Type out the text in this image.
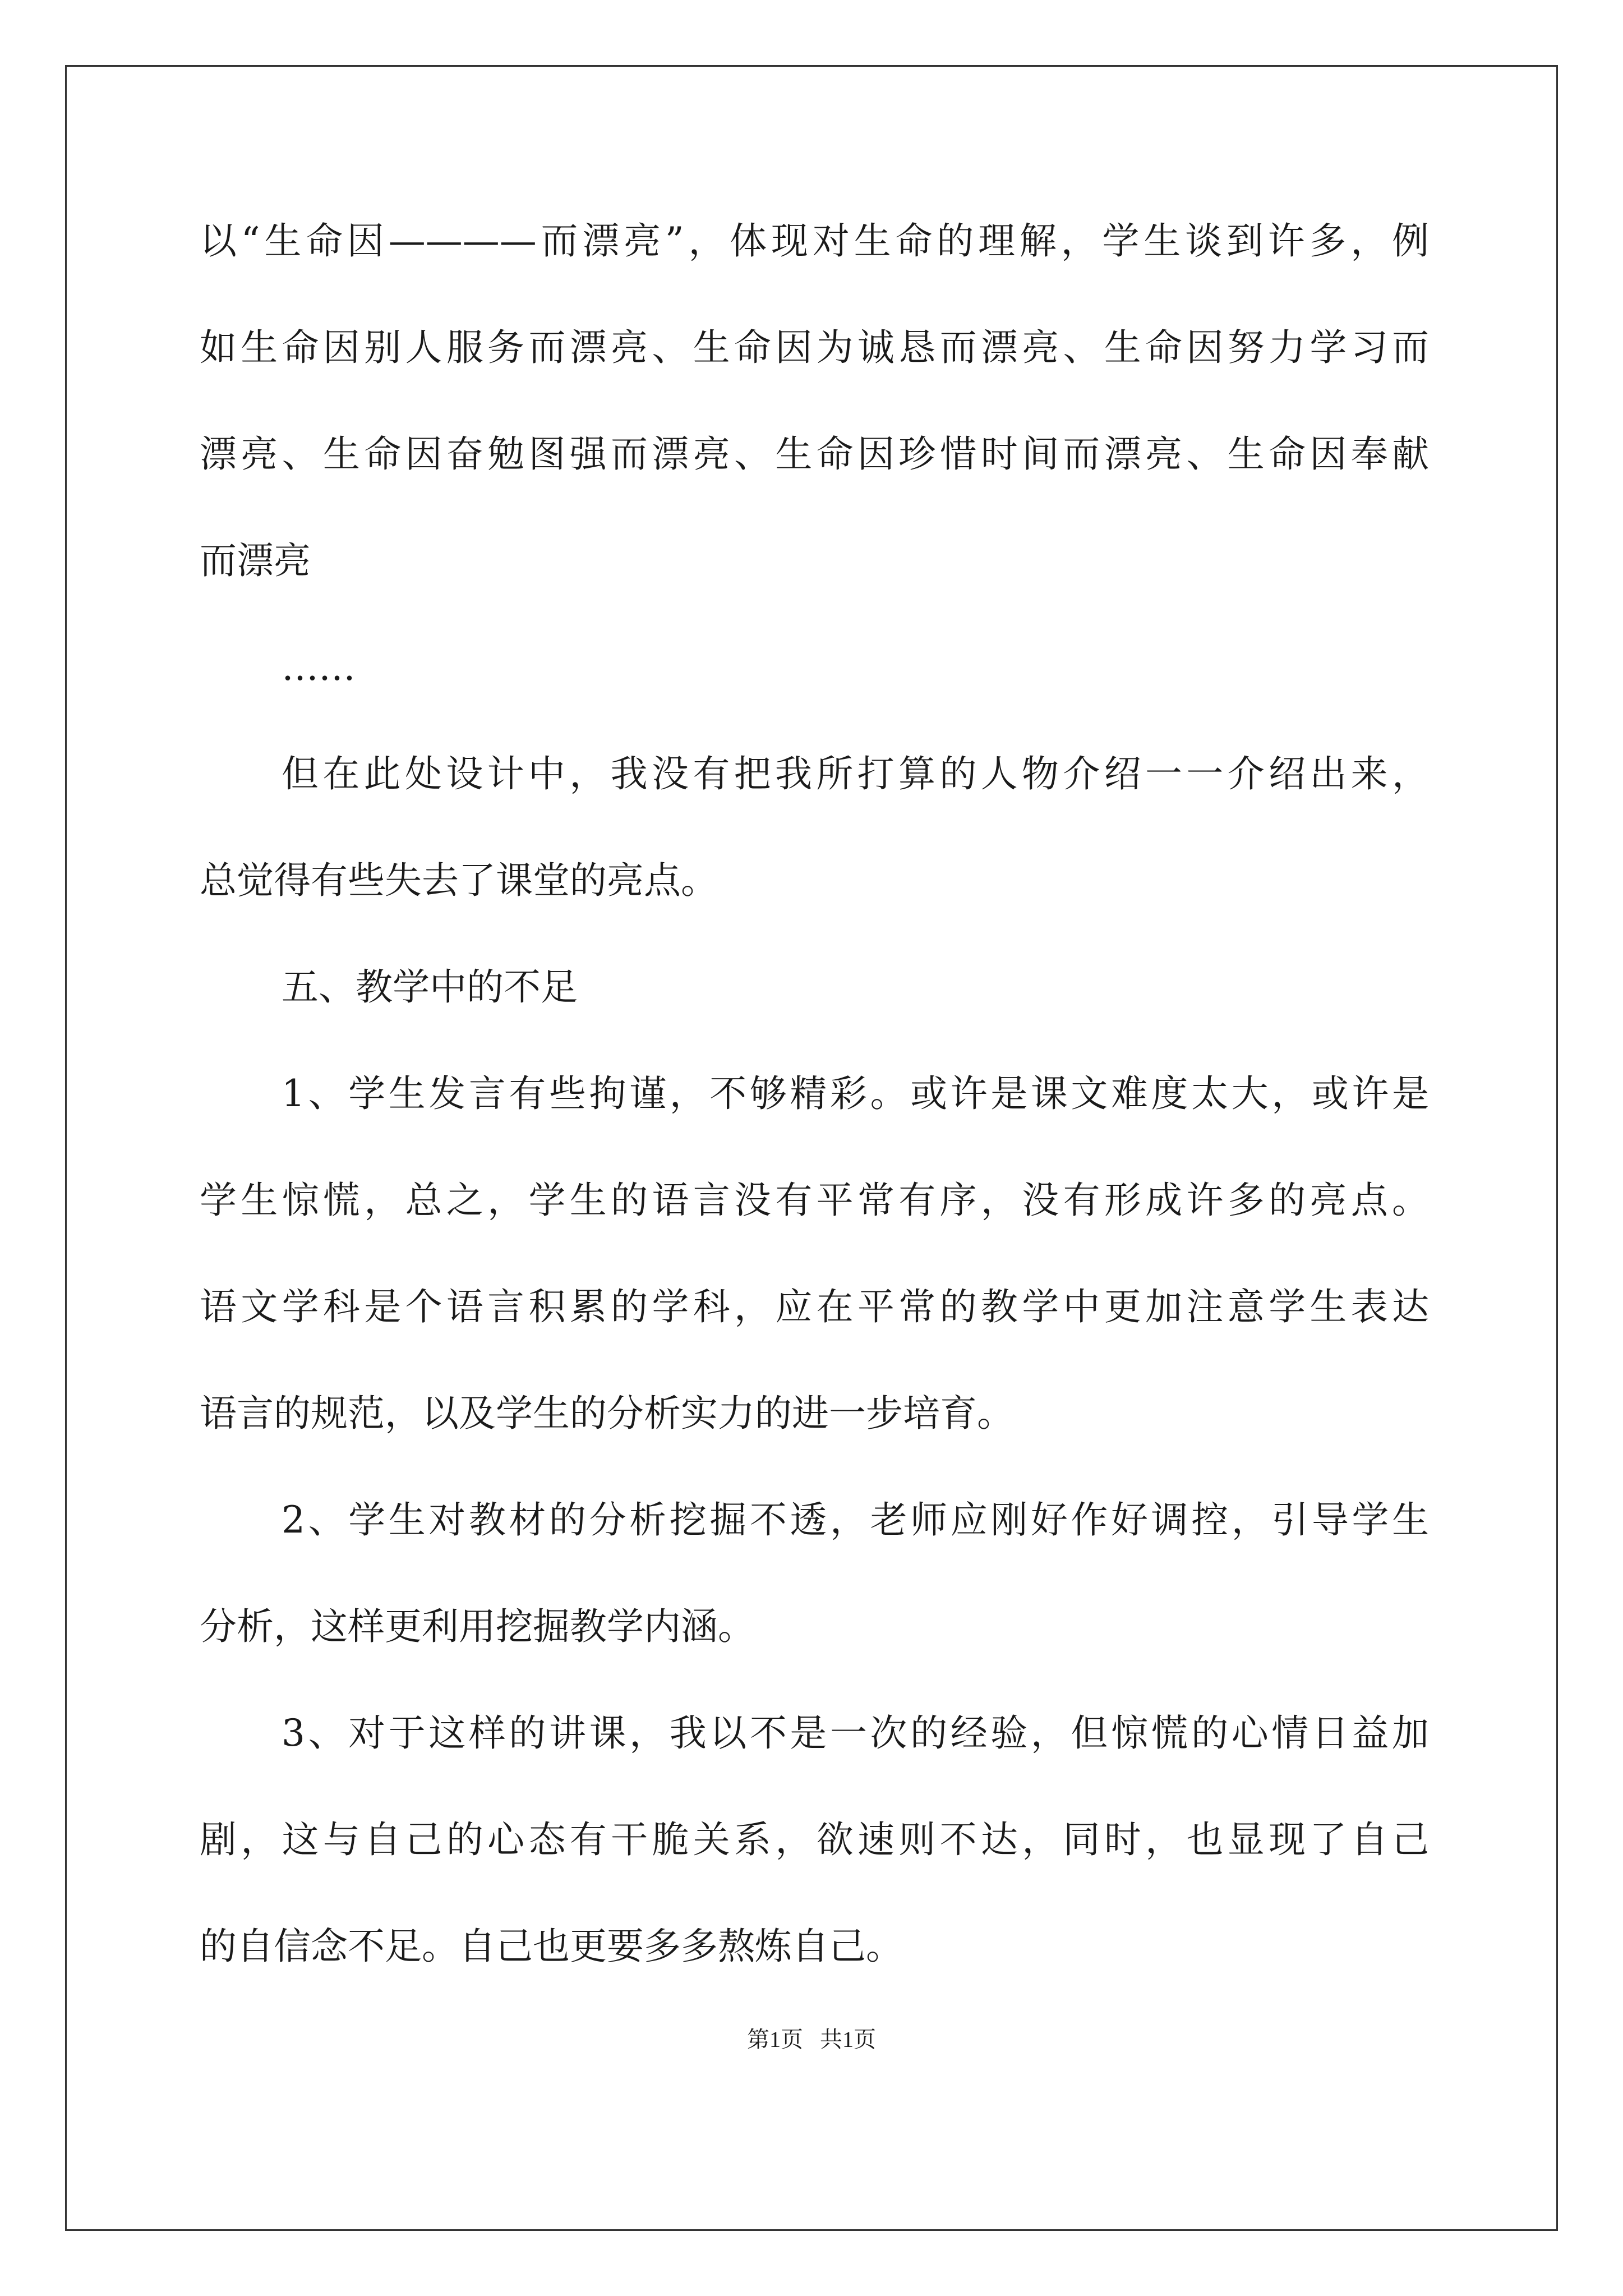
以“生命因————而漂亮”，体现对生命的理解，学生谈到许多，例
如生命因别人服务而漂亮、生命因为诚恳而漂亮、生命因努力学习而
漂亮、生命因奋勉图强而漂亮、生命因珍惜时间而漂亮、生命因奉献
而漂亮
……
但在此处设计中，我没有把我所打算的人物介绍一一介绍出来，
总觉得有些失去了课堂的亮点。
五、教学中的不足
1、学生发言有些拘谨，不够精彩。或许是课文难度太大，或许是
学生惊慌，总之，学生的语言没有平常有序，没有形成许多的亮点。
语文学科是个语言积累的学科，应在平常的教学中更加注意学生表达
语言的规范，以及学生的分析实力的进一步培育。
2、学生对教材的分析挖掘不透，老师应刚好作好调控，引导学生
分析，这样更利用挖掘教学内涵。
3、对于这样的讲课，我以不是一次的经验，但惊慌的心情日益加
剧，这与自己的心态有干脆关系，欲速则不达，同时，也显现了自己
的自信念不足。自己也更要多多熬炼自己。
第1页 共1页
